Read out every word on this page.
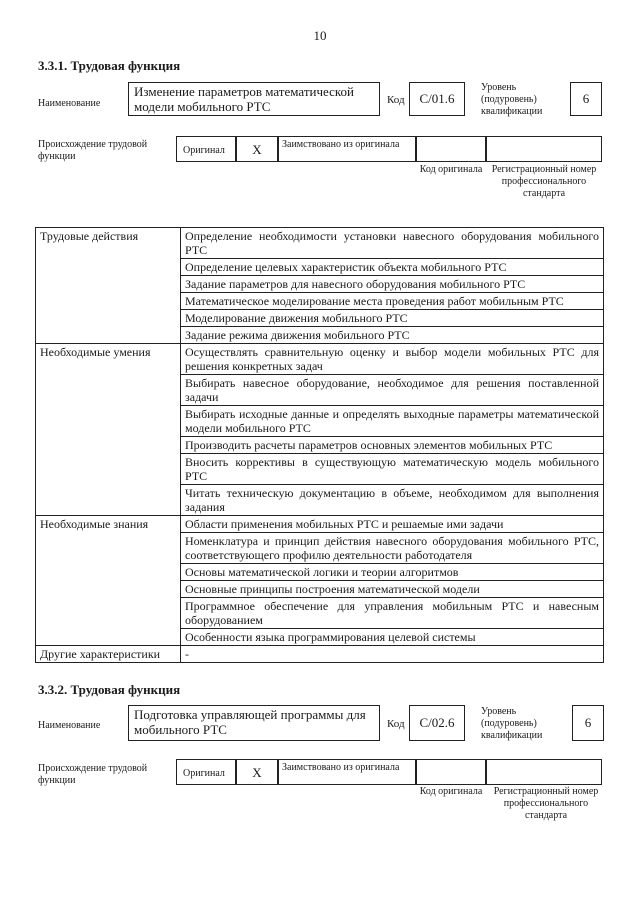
10
3.3.1. Трудовая функция
Наименование
Изменение параметров математической модели мобильного РТС	Код	C/01.6
Уровень (подуровень) квалификации
6
Происхождение трудовой функции
Оригинал	X	Заимствовано из оригинала
Код оригинала Регистрационный номер профессионального стандарта
Трудовые действия	Определение необходимости установки навесного оборудования мобильного РТС
	Определение целевых характеристик объекта мобильного РТС
	Задание параметров для навесного оборудования мобильного РТС
	Математическое моделирование места проведения работ мобильным РТС
	Моделирование движения мобильного РТС
	Задание режима движения мобильного РТС
Необходимые умения	Осуществлять сравнительную оценку и выбор модели мобильных РТС для решения конкретных задач
	Выбирать навесное оборудование, необходимое для решения поставленной задачи
	Выбирать исходные данные и определять выходные параметры математической модели мобильного РТС
	Производить расчеты параметров основных элементов мобильных РТС
	Вносить коррективы в существующую математическую модель мобильного РТС
	Читать техническую документацию в объеме, необходимом для выполнения задания
Необходимые знания	Области применения мобильных РТС и решаемые ими задачи
	Номенклатура и принцип действия навесного оборудования мобильного РТС, соответствующего профилю деятельности работодателя
	Основы математической логики и теории алгоритмов
	Основные принципы построения математической модели
	Программное обеспечение для управления мобильным РТС и навесным оборудованием
	Особенности языка программирования целевой системы
Другие характеристики	-
3.3.2. Трудовая функция
Наименование
Подготовка управляющей программы для мобильного РТС	Код	C/02.6
Уровень (подуровень) квалификации
6
Происхождение трудовой функции
Оригинал	X	Заимствовано из оригинала
Код оригинала	Регистрационный номер профессионального стандарта
